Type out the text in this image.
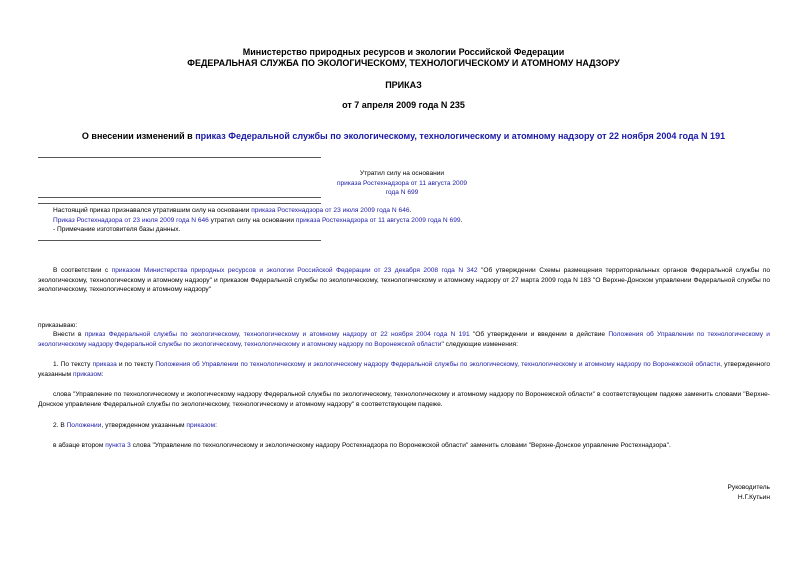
Министерство природных ресурсов и экологии Российской Федерации
ФЕДЕРАЛЬНАЯ СЛУЖБА ПО ЭКОЛОГИЧЕСКОМУ, ТЕХНОЛОГИЧЕСКОМУ И АТОМНОМУ НАДЗОРУ
ПРИКАЗ
от 7 апреля 2009 года N 235
О внесении изменений в приказ Федеральной службы по экологическому, технологическому и атомному надзору от 22 ноября 2004 года N 191
Утратил силу на основании
приказа Ростехнадзора от 11 августа 2009 года N 699
Настоящий приказ признавался утратившим силу на основании приказа Ростехнадзора от 23 июля 2009 года N 646.
Приказ Ростехнадзора от 23 июля 2009 года N 646 утратил силу на основании приказа Ростехнадзора от 11 августа 2009 года N 699.
- Примечание изготовителя базы данных.
В соответствии с приказом Министерства природных ресурсов и экологии Российской Федерации от 23 декабря 2008 года N 342 "Об утверждении Схемы размещения территориальных органов Федеральной службы по экологическому, технологическому и атомному надзору" и приказом Федеральной службы по экологическому, технологическому и атомному надзору от 27 марта 2009 года N 183 "О Верхне-Донском управлении Федеральной службы по экологическому, технологическому и атомному надзору"
приказываю:
Внести в приказ Федеральной службы по экологическому, технологическому и атомному надзору от 22 ноября 2004 года N 191 "Об утверждении и введении в действие Положения об Управлении по технологическому и экологическому надзору Федеральной службы по экологическому, технологическому и атомному надзору по Воронежской области" следующие изменения:
1. По тексту приказа и по тексту Положения об Управлении по технологическому и экологическому надзору Федеральной службы по экологическому, технологическому и атомному надзору по Воронежской области, утвержденного указанным приказом:
слова "Управление по технологическому и экологическому надзору Федеральной службы по экологическому, технологическому и атомному надзору по Воронежской области" в соответствующем падеже заменить словами "Верхне-Донское управление Федеральной службы по экологическому, технологическому и атомному надзору" в соответствующем падеже.
2. В Положении, утвержденном указанным приказом:
в абзаце втором пункта 3 слова "Управление по технологическому и экологическому надзору Ростехнадзора по Воронежской области" заменить словами "Верхне-Донское управление Ростехнадзора".
Руководитель
Н.Г.Кутьин
